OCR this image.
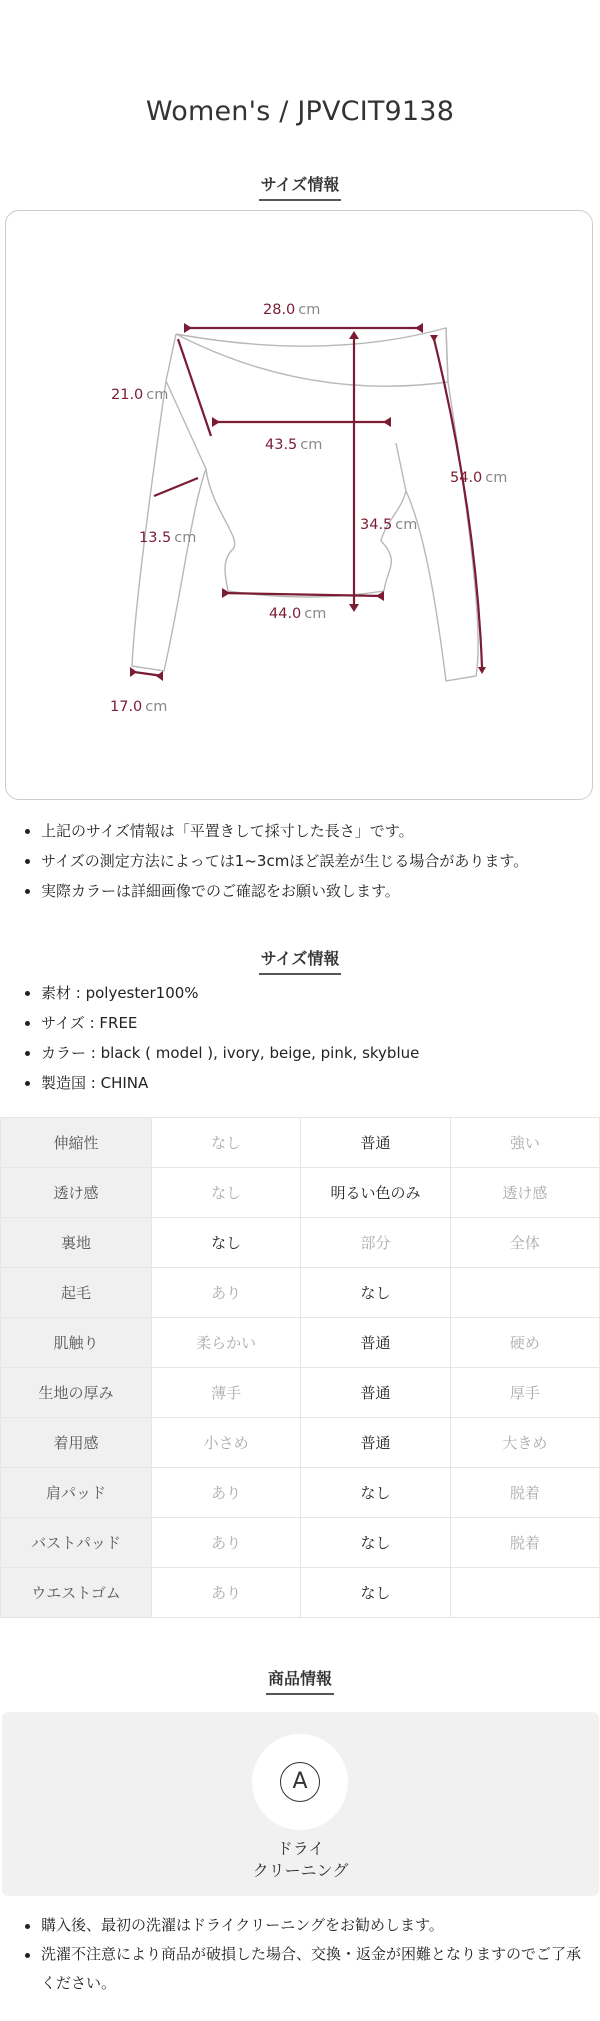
Women's / JPVCIT9138
サイズ情報
28.0 cm
21.0 cm
43.5 cm
54.0 cm
13.5 cm
34.5 cm
44.0 cm
17.0 cm
上記のサイズ情報は「平置きして採寸した長さ」です。
サイズの測定方法によっては1~3cmほど誤差が生じる場合があります。
実際カラーは詳細画像でのご確認をお願い致します。
サイズ情報
素材 : polyester100%
サイズ : FREE
カラー : black ( model ), ivory, beige, pink, skyblue
製造国 : CHINA
伸縮性	なし	普通	強い
透け感	なし	明るい色のみ	透け感
裏地	なし	部分	全体
起毛	あり	なし	
肌触り	柔らかい	普通	硬め
生地の厚み	薄手	普通	厚手
着用感	小さめ	普通	大きめ
肩パッド	あり	なし	脱着
バストパッド	あり	なし	脱着
ウエストゴム	あり	なし	
商品情報
A
ドライ
クリーニング
購入後、最初の洗濯はドライクリーニングをお勧めします。
洗濯不注意により商品が破損した場合、交換・返金が困難となりますのでご了承ください。
